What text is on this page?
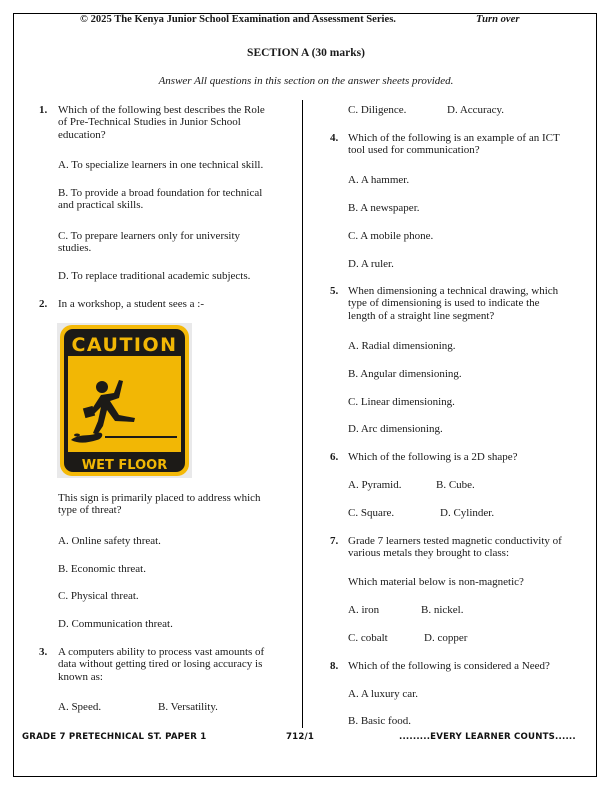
© 2025 The Kenya Junior School Examination and Assessment Series.	Turn over
SECTION A (30 marks)
Answer All questions in this section on the answer sheets provided.
1. Which of the following best describes the Role
of Pre-Technical Studies in Junior School
education?
A. To specialize learners in one technical skill.
B. To provide a broad foundation for technical
and practical skills.
C. To prepare learners only for university
studies.
D. To replace traditional academic subjects.
2. In a workshop, a student sees a :-
CAUTION
WET FLOOR
This sign is primarily placed to address which
type of threat?
A. Online safety threat.
B. Economic threat.
C. Physical threat.
D. Communication threat.
3. A computers ability to process vast amounts of
data without getting tired or losing accuracy is
known as:
A. Speed.	B. Versatility.
C. Diligence.	D. Accuracy.
4. Which of the following is an example of an ICT
tool used for communication?
A. A hammer.
B. A newspaper.
C. A mobile phone.
D. A ruler.
5. When dimensioning a technical drawing, which
type of dimensioning is used to indicate the
length of a straight line segment?
A. Radial dimensioning.
B. Angular dimensioning.
C. Linear dimensioning.
D. Arc dimensioning.
6. Which of the following is a 2D shape?
A. Pyramid.	B. Cube.
C. Square.	D. Cylinder.
7. Grade 7 learners tested magnetic conductivity of
various metals they brought to class:
Which material below is non-magnetic?
A. iron	B. nickel.
C. cobalt	D. copper
8. Which of the following is considered a Need?
A. A luxury car.
B. Basic food.
GRADE 7 PRETECHNICAL ST. PAPER 1	712/1	.........EVERY LEARNER COUNTS......
